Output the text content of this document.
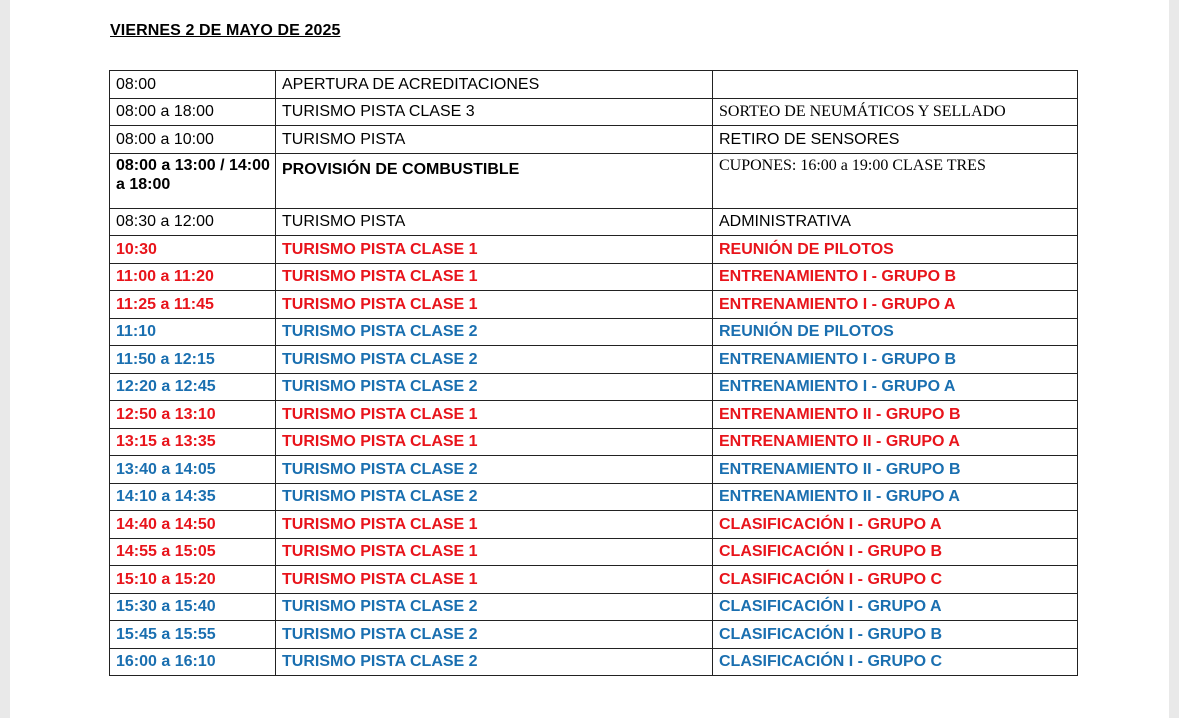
VIERNES 2 DE MAYO DE 2025
08:00	APERTURA DE ACREDITACIONES	
08:00 a 18:00	TURISMO PISTA CLASE 3	SORTEO DE NEUMÁTICOS Y SELLADO
08:00 a 10:00	TURISMO PISTA	RETIRO DE SENSORES
08:00 a 13:00 / 14:00 a 18:00	PROVISIÓN DE COMBUSTIBLE	CUPONES: 16:00 a 19:00 CLASE TRES
08:30 a 12:00	TURISMO PISTA	ADMINISTRATIVA
10:30	TURISMO PISTA CLASE 1	REUNIÓN DE PILOTOS
11:00 a 11:20	TURISMO PISTA CLASE 1	ENTRENAMIENTO I - GRUPO B
11:25 a 11:45	TURISMO PISTA CLASE 1	ENTRENAMIENTO I - GRUPO A
11:10	TURISMO PISTA CLASE 2	REUNIÓN DE PILOTOS
11:50 a 12:15	TURISMO PISTA CLASE 2	ENTRENAMIENTO I - GRUPO B
12:20 a 12:45	TURISMO PISTA CLASE 2	ENTRENAMIENTO I - GRUPO A
12:50 a 13:10	TURISMO PISTA CLASE 1	ENTRENAMIENTO II - GRUPO B
13:15 a 13:35	TURISMO PISTA CLASE 1	ENTRENAMIENTO II - GRUPO A
13:40 a 14:05	TURISMO PISTA CLASE 2	ENTRENAMIENTO II - GRUPO B
14:10 a 14:35	TURISMO PISTA CLASE 2	ENTRENAMIENTO II - GRUPO A
14:40 a 14:50	TURISMO PISTA CLASE 1	CLASIFICACIÓN I - GRUPO A
14:55 a 15:05	TURISMO PISTA CLASE 1	CLASIFICACIÓN I - GRUPO B
15:10 a 15:20	TURISMO PISTA CLASE 1	CLASIFICACIÓN I - GRUPO C
15:30 a 15:40	TURISMO PISTA CLASE 2	CLASIFICACIÓN I - GRUPO A
15:45 a 15:55	TURISMO PISTA CLASE 2	CLASIFICACIÓN I - GRUPO B
16:00 a 16:10	TURISMO PISTA CLASE 2	CLASIFICACIÓN I - GRUPO C
